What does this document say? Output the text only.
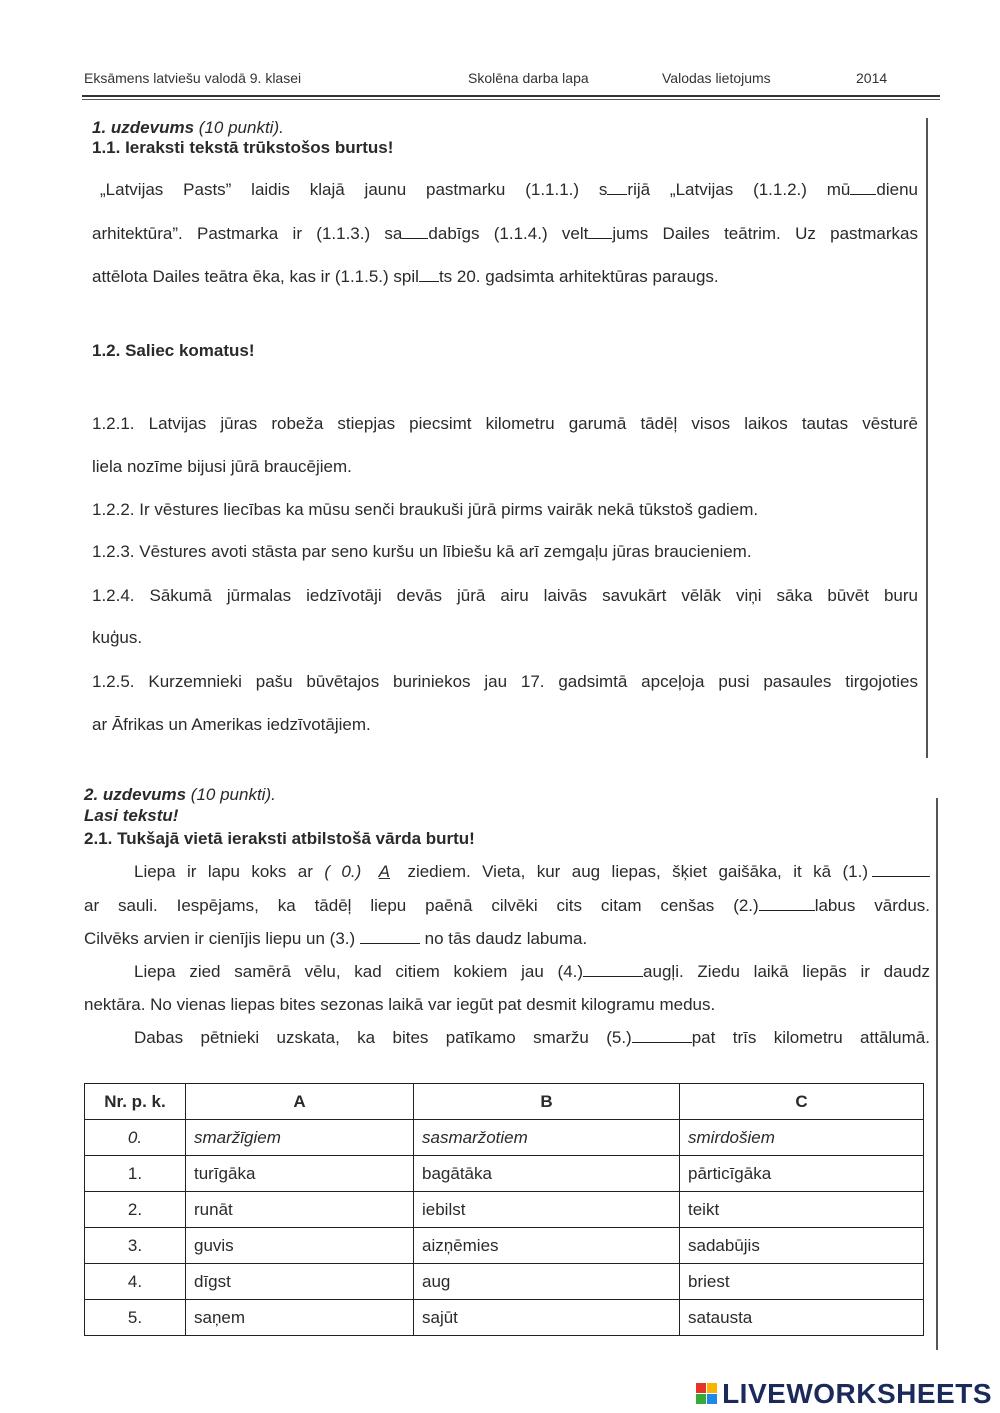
Eksāmens latviešu valodā 9. klasei	Skolēna darba lapa	Valodas lietojums	2014
1. uzdevums (10 punkti).
1.1. Ieraksti tekstā trūkstošos burtus!
„Latvijas Pasts” laidis klajā jaunu pastmarku (1.1.1.) s rijā „Latvijas (1.1.2.) mū dienu
arhitektūra”. Pastmarka ir (1.1.3.) sa dabīgs (1.1.4.) velt jums Dailes teātrim. Uz pastmarkas
attēlota Dailes teātra ēka, kas ir (1.1.5.) spil ts 20. gadsimta arhitektūras paraugs.
1.2. Saliec komatus!
1.2.1. Latvijas jūras robeža stiepjas piecsimt kilometru garumā tādēļ visos laikos tautas vēsturē
liela nozīme bijusi jūrā braucējiem.
1.2.2. Ir vēstures liecības ka mūsu senči braukuši jūrā pirms vairāk nekā tūkstoš gadiem.
1.2.3. Vēstures avoti stāsta par seno kuršu un lībiešu kā arī zemgaļu jūras braucieniem.
1.2.4. Sākumā jūrmalas iedzīvotāji devās jūrā airu laivās savukārt vēlāk viņi sāka būvēt buru
kuģus.
1.2.5. Kurzemnieki pašu būvētajos buriniekos jau 17. gadsimtā apceļoja pusi pasaules tirgojoties
ar Āfrikas un Amerikas iedzīvotājiem.
2. uzdevums (10 punkti).
Lasi tekstu!
2.1. Tukšajā vietā ieraksti atbilstošā vārda burtu!
Liepa ir lapu koks ar ( 0.) A ziediem. Vieta, kur aug liepas, šķiet gaišāka, it kā (1.)
ar sauli. Iespējams, ka tādēļ liepu paēnā cilvēki cits citam cenšas (2.)	labus vārdus.
Cilvēks arvien ir cienījis liepu un (3.)	no tās daudz labuma.
Liepa zied samērā vēlu, kad citiem kokiem jau (4.)	augļi. Ziedu laikā liepās ir daudz
nektāra. No vienas liepas bites sezonas laikā var iegūt pat desmit kilogramu medus.
Dabas pētnieki uzskata, ka bites patīkamo smaržu (5.)	pat trīs kilometru attālumā.
Nr. p. k.	A	B	C
0.	smaržīgiem	sasmaržotiem	smirdošiem
1.	turīgāka	bagātāka	pārticīgāka
2.	runāt	iebilst	teikt
3.	guvis	aizņēmies	sadabūjis
4.	dīgst	aug	briest
5.	saņem	sajūt	satausta
LIVEWORKSHEETS
